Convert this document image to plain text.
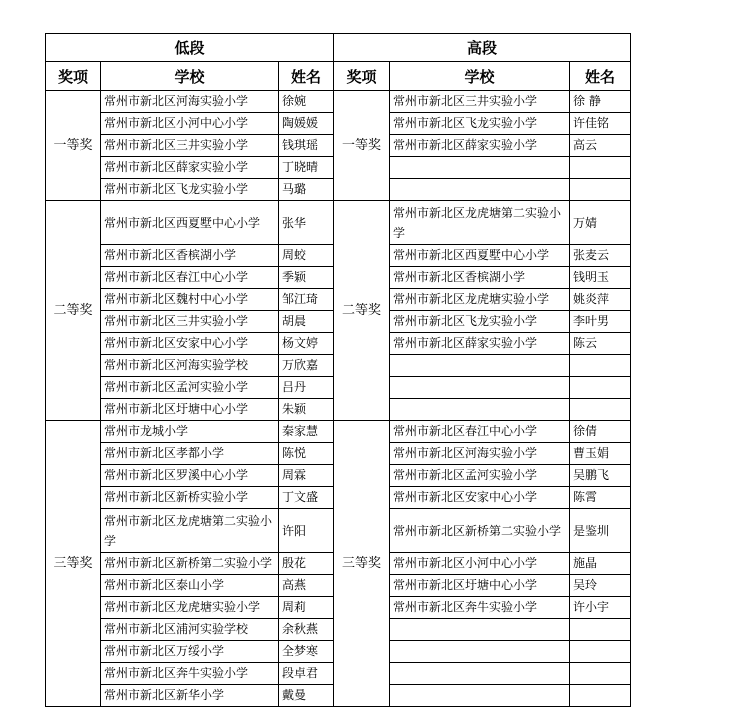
低段			高段		
奖项	学校	姓名	奖项	学校	姓名
一等奖	常州市新北区河海实验小学	徐婉	一等奖	常州市新北区三井实验小学	徐 静
	常州市新北区小河中心小学	陶媛媛		常州市新北区飞龙实验小学	许佳铭
	常州市新北区三井实验小学	钱琪瑶		常州市新北区薛家实验小学	高云
	常州市新北区薛家实验小学	丁晓晴			
	常州市新北区飞龙实验小学	马璐			
二等奖	常州市新北区西夏墅中心小学	张华	二等奖	常州市新北区龙虎塘第二实验小学	万婧
	常州市新北区香槟湖小学	周蛟		常州市新北区西夏墅中心小学	张麦云
	常州市新北区春江中心小学	季颖		常州市新北区香槟湖小学	钱明玉
	常州市新北区魏村中心小学	邹江琦		常州市新北区龙虎塘实验小学	姚炎萍
	常州市新北区三井实验小学	胡晨		常州市新北区飞龙实验小学	李叶男
	常州市新北区安家中心小学	杨文婷		常州市新北区薛家实验小学	陈云
	常州市新北区河海实验学校	万欣嘉			
	常州市新北区孟河实验小学	吕丹			
	常州市新北区圩塘中心小学	朱颖			
三等奖	常州市龙城小学	秦家慧	三等奖	常州市新北区春江中心小学	徐倩
	常州市新北区孝都小学	陈悦		常州市新北区河海实验小学	曹玉娟
	常州市新北区罗溪中心小学	周霖		常州市新北区孟河实验小学	吴鹏飞
	常州市新北区新桥实验小学	丁文盛		常州市新北区安家中心小学	陈霄
	常州市新北区龙虎塘第二实验小学	许阳		常州市新北区新桥第二实验小学	是鉴圳
	常州市新北区新桥第二实验小学	殷花		常州市新北区小河中心小学	施晶
	常州市新北区泰山小学	高燕		常州市新北区圩塘中心小学	吴玲
	常州市新北区龙虎塘实验小学	周莉		常州市新北区奔牛实验小学	许小宇
	常州市新北区浦河实验学校	余秋燕			
	常州市新北区万绥小学	全梦寒			
	常州市新北区奔牛实验小学	段卓君			
	常州市新北区新华小学	戴曼			
